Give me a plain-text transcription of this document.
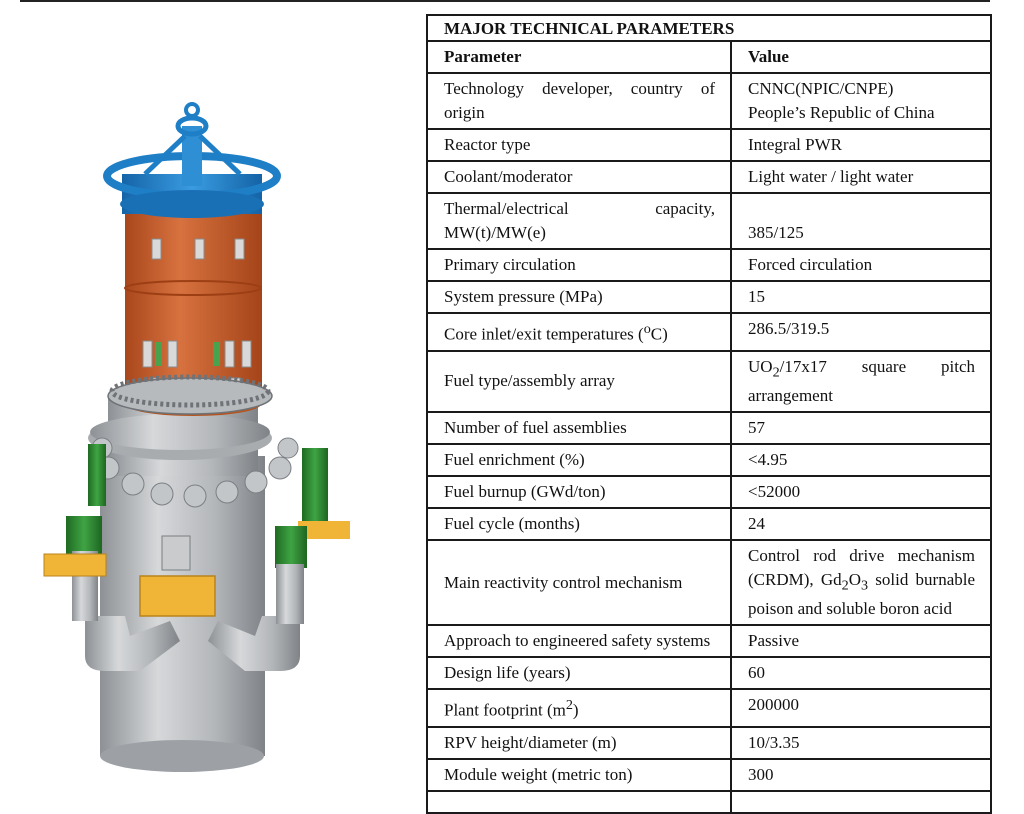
MAJOR TECHNICAL PARAMETERS	
Parameter	Value
Technology developer, country of origin	CNNC(NPIC/CNPE)
People’s Republic of China
Reactor type	Integral PWR
Coolant/moderator	Light water / light water
Thermal/electrical capacity, MW(t)/MW(e)	385/125
Primary circulation	Forced circulation
System pressure (MPa)	15
Core inlet/exit temperatures ($^o$C)	286.5/319.5
Fuel type/assembly array	$UO_2/17x17$ square pitch arrangement
Number of fuel assemblies	57
Fuel enrichment (%)	<4.95
Fuel burnup (GWd/ton)	<52000
Fuel cycle (months)	24
Main reactivity control mechanism	Control rod drive mechanism (CRDM), $Gd_2O_3$ solid burnable poison and soluble boron acid
Approach to engineered safety systems	Passive
Design life (years)	60
Plant footprint $(m^2)$	200000
RPV height/diameter (m)	10/3.35
Module weight (metric ton)	300
